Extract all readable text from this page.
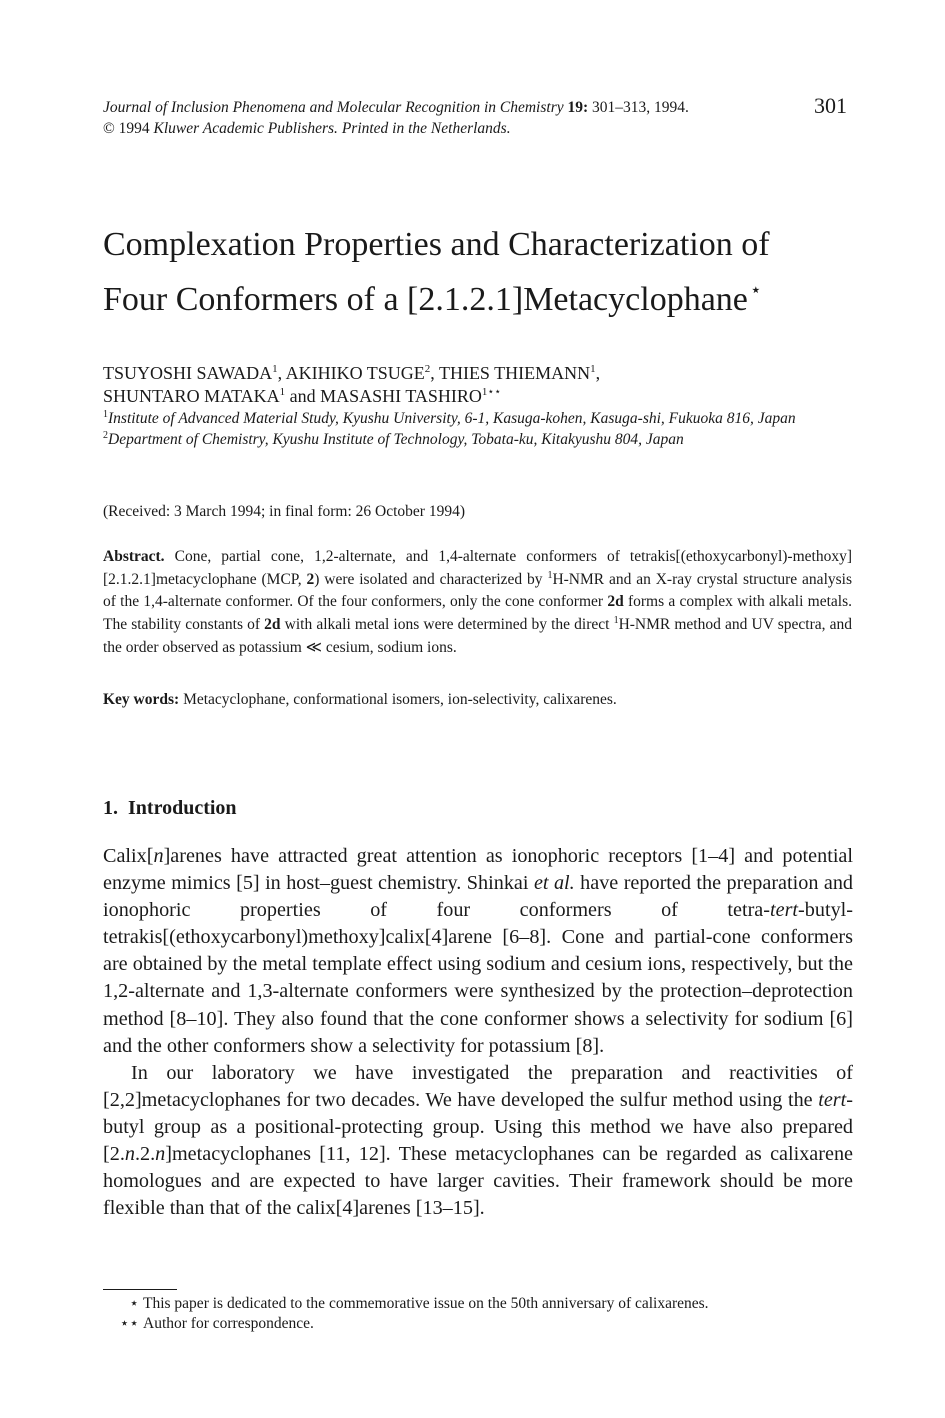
Journal of Inclusion Phenomena and Molecular Recognition in Chemistry 19: 301–313, 1994.
© 1994 Kluwer Academic Publishers. Printed in the Netherlands.
301
Complexation Properties and Characterization of
Four Conformers of a [2.1.2.1]Metacyclophane ⋆
TSUYOSHI SAWADA$^1$, AKIHIKO TSUGE$^2$, THIES THIEMANN$^1$,
SHUNTARO MATAKA$^1$ and MASASHI $TASHIRO^{1⋆⋆}$
$^1$Institute of Advanced Material Study, Kyushu University, 6-1, Kasuga-kohen, Kasuga-shi, Fukuoka 816, Japan
$^2$Department of Chemistry, Kyushu Institute of Technology, Tobata-ku, Kitakyushu 804, Japan
(Received: 3 March 1994; in final form: 26 October 1994)
Abstract. Cone, partial cone, 1,2-alternate, and 1,4-alternate conformers of tetrakis[(ethoxycarbonyl)-methoxy] [2.1.2.1]metacyclophane (MCP, 2) were isolated and characterized by $^1$H-NMR and an X-ray crystal structure analysis of the 1,4-alternate conformer. Of the four conformers, only the cone conformer 2d forms a complex with alkali metals. The stability constants of 2d with alkali metal ions were determined by the direct $^1$H-NMR method and UV spectra, and the order observed as potassium ≪ cesium, sodium ions.
Key words: Metacyclophane, conformational isomers, ion-selectivity, calixarenes.
1. Introduction

Calix[n]arenes have attracted great attention as ionophoric receptors [1–4] and potential enzyme mimics [5] in host–guest chemistry. Shinkai et al. have reported the preparation and ionophoric properties of four conformers of tetra-tert-butyl-tetrakis[(ethoxycarbonyl)methoxy]calix[4]arene [6–8]. Cone and partial-cone conformers are obtained by the metal template effect using sodium and cesium ions, respectively, but the 1,2-alternate and 1,3-alternate conformers were synthesized by the protection–deprotection method [8–10]. They also found that the cone conformer shows a selectivity for sodium [6] and the other conformers show a selectivity for potassium [8].

In our laboratory we have investigated the preparation and reactivities of [2,2]metacyclophanes for two decades. We have developed the sulfur method using the tert-butyl group as a positional-protecting group. Using this method we have also prepared [2.n.2.n]metacyclophanes [11, 12]. These metacyclophanes can be regarded as calixarene homologues and are expected to have larger cavities. Their framework should be more flexible than that of the calix[4]arenes [13–15].

⋆ This paper is dedicated to the commemorative issue on the 50th anniversary of calixarenes.
⋆⋆ Author for correspondence.
